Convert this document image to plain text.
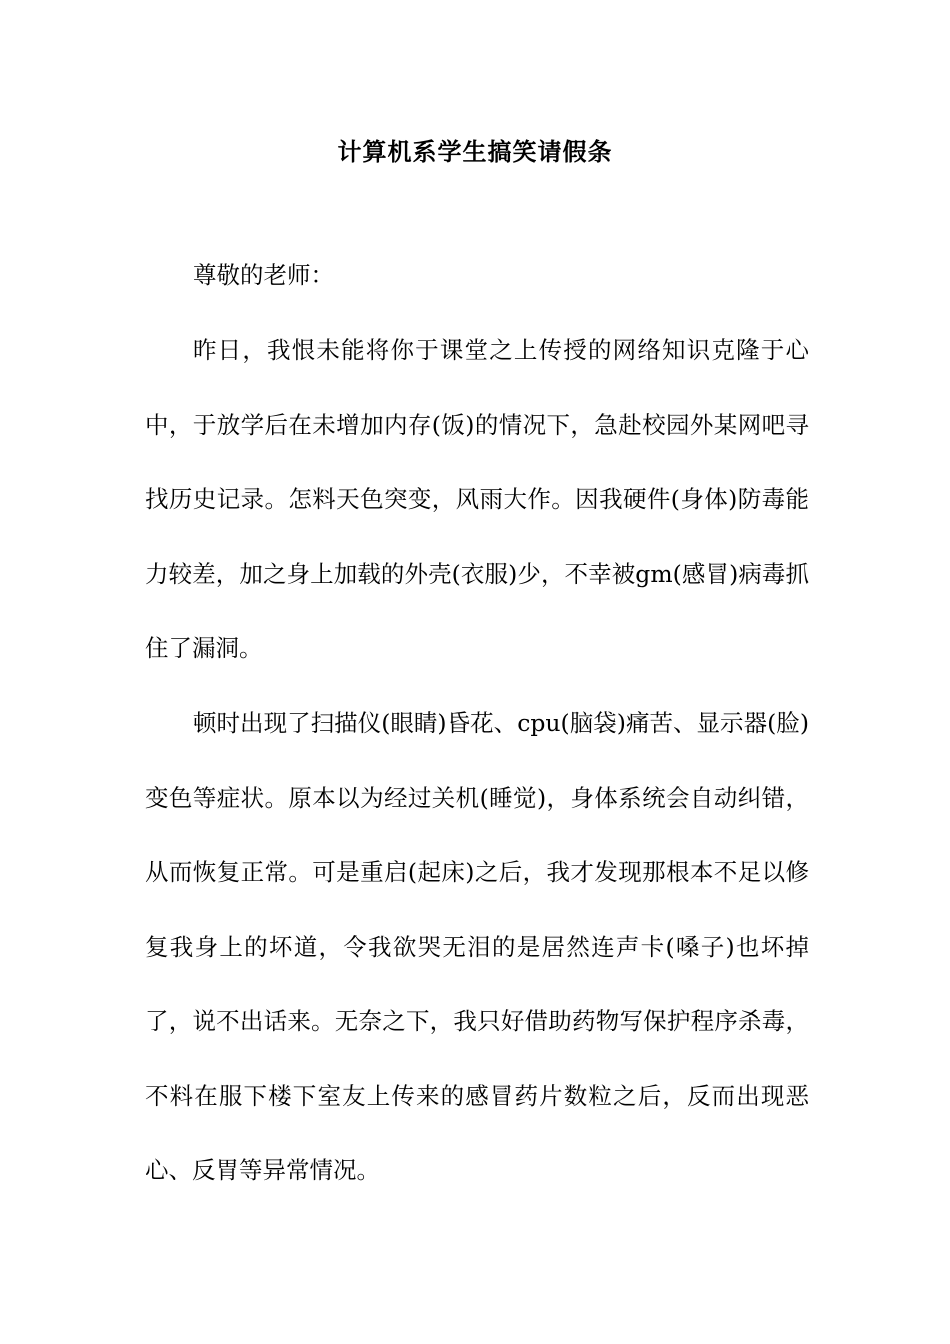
计算机系学生搞笑请假条

尊敬的老师：

昨日，我恨未能将你于课堂之上传授的网络知识克隆于心中，于放学后在未增加内存(饭)的情况下，急赴校园外某网吧寻找历史记录。怎料天色突变，风雨大作。因我硬件(身体)防毒能力较差，加之身上加载的外壳(衣服)少，不幸被gm(感冒)病毒抓住了漏洞。

顿时出现了扫描仪(眼睛)昏花、cpu(脑袋)痛苦、显示器(脸)变色等症状。原本以为经过关机(睡觉)，身体系统会自动纠错，从而恢复正常。可是重启(起床)之后，我才发现那根本不足以修复我身上的坏道，令我欲哭无泪的是居然连声卡(嗓子)也坏掉了，说不出话来。无奈之下，我只好借助药物写保护程序杀毒，不料在服下楼下室友上传来的感冒药片数粒之后，反而出现恶心、反胃等异常情况。
